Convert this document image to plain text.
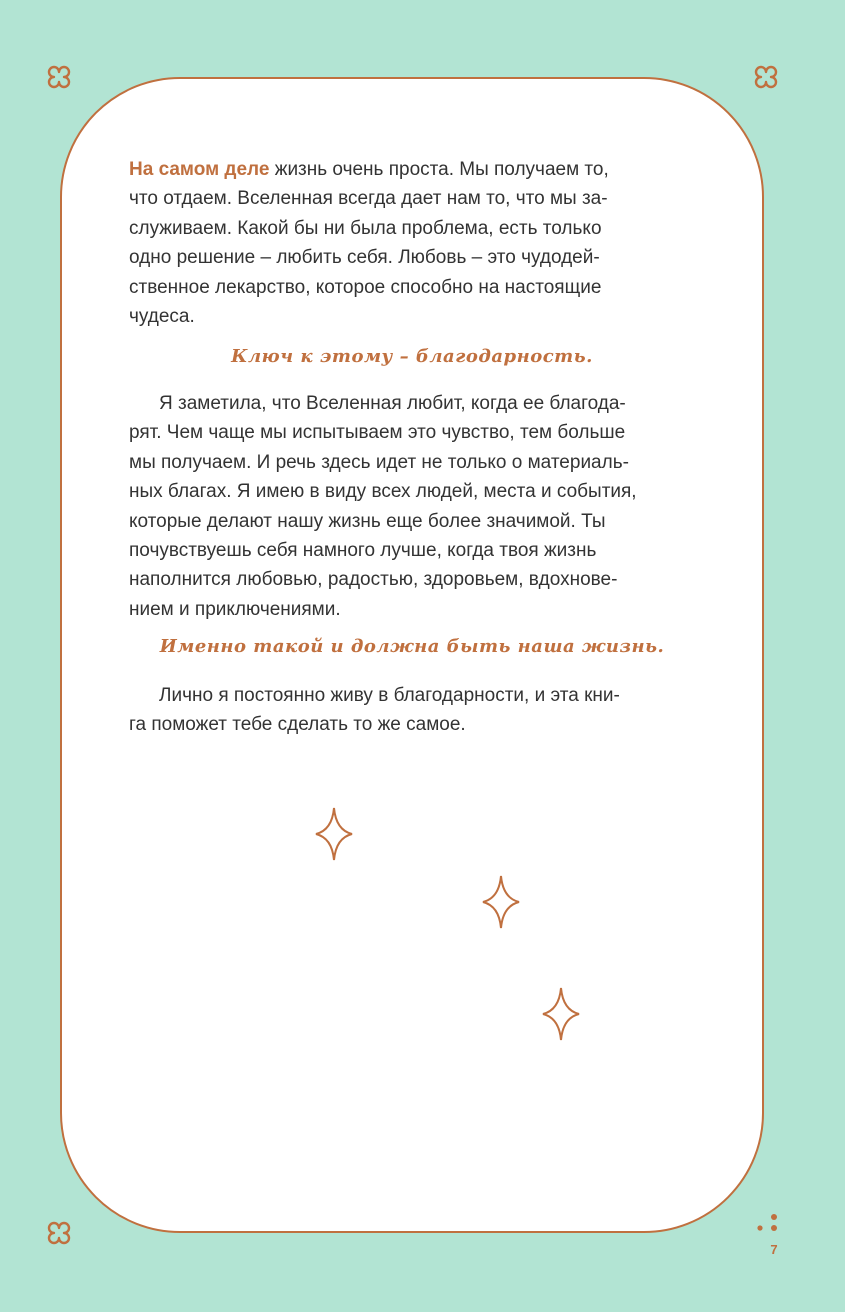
На самом деле жизнь очень проста. Мы получаем то,
что отдаем. Вселенная всегда дает нам то, что мы за-
служиваем. Какой бы ни была проблема, есть только
одно решение – любить себя. Любовь – это чудодей-
ственное лекарство, которое способно на настоящие
чудеса.
Ключ к этому – благодарность.
Я заметила, что Вселенная любит, когда ее благода-
рят. Чем чаще мы испытываем это чувство, тем больше
мы получаем. И речь здесь идет не только о материаль-
ных благах. Я имею в виду всех людей, места и события,
которые делают нашу жизнь еще более значимой. Ты
почувствуешь себя намного лучше, когда твоя жизнь
наполнится любовью, радостью, здоровьем, вдохнове-
нием и приключениями.
Именно такой и должна быть наша жизнь.
Лично я постоянно живу в благодарности, и эта кни-
га поможет тебе сделать то же самое.
7
